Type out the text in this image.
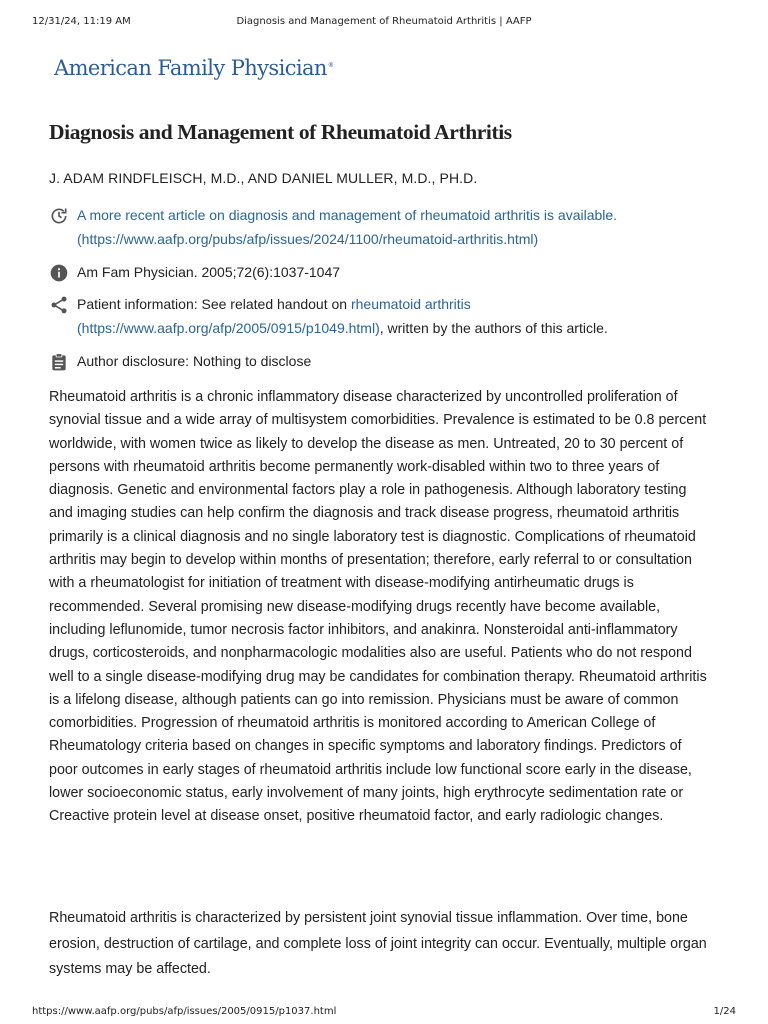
12/31/24, 11:19 AM	Diagnosis and Management of Rheumatoid Arthritis | AAFP
American Family Physician®
Diagnosis and Management of Rheumatoid Arthritis
J. ADAM RINDFLEISCH, M.D., AND DANIEL MULLER, M.D., PH.D.
A more recent article on diagnosis and management of rheumatoid arthritis is available.
(https://www.aafp.org/pubs/afp/issues/2024/1100/rheumatoid-arthritis.html)
Am Fam Physician. 2005;72(6):1037-1047
Patient information: See related handout on rheumatoid arthritis
(https://www.aafp.org/afp/2005/0915/p1049.html), written by the authors of this article.
Author disclosure: Nothing to disclose

Rheumatoid arthritis is a chronic inflammatory disease characterized by uncontrolled proliferation of synovial tissue and a wide array of multisystem comorbidities. Prevalence is estimated to be 0.8 percent worldwide, with women twice as likely to develop the disease as men. Untreated, 20 to 30 percent of persons with rheumatoid arthritis become permanently work-disabled within two to three years of diagnosis. Genetic and environmental factors play a role in pathogenesis. Although laboratory testing and imaging studies can help confirm the diagnosis and track disease progress, rheumatoid arthritis primarily is a clinical diagnosis and no single laboratory test is diagnostic. Complications of rheumatoid arthritis may begin to develop within months of presentation; therefore, early referral to or consultation with a rheumatologist for initiation of treatment with disease-modifying antirheumatic drugs is recommended. Several promising new disease-modifying drugs recently have become available, including leflunomide, tumor necrosis factor inhibitors, and anakinra. Nonsteroidal anti-inflammatory drugs, corticosteroids, and nonpharmacologic modalities also are useful. Patients who do not respond well to a single disease-modifying drug may be candidates for combination therapy. Rheumatoid arthritis is a lifelong disease, although patients can go into remission. Physicians must be aware of common comorbidities. Progression of rheumatoid arthritis is monitored according to American College of Rheumatology criteria based on changes in specific symptoms and laboratory findings. Predictors of poor outcomes in early stages of rheumatoid arthritis include low functional score early in the disease, lower socioeconomic status, early involvement of many joints, high erythrocyte sedimentation rate or Creactive protein level at disease onset, positive rheumatoid factor, and early radiologic changes.

Rheumatoid arthritis is characterized by persistent joint synovial tissue inflammation. Over time, bone erosion, destruction of cartilage, and complete loss of joint integrity can occur. Eventually, multiple organ systems may be affected.

https://www.aafp.org/pubs/afp/issues/2005/0915/p1037.html	1/24
